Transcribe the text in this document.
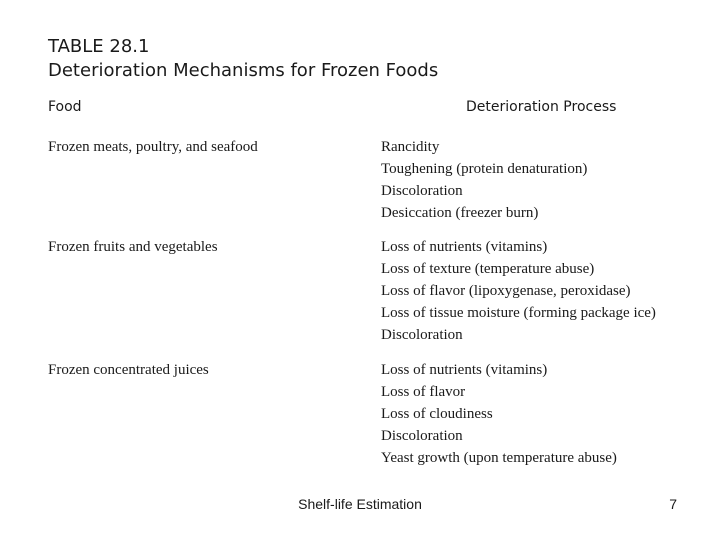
TABLE 28.1
Deterioration Mechanisms for Frozen Foods
Food	Deterioration Process
Frozen meats, poultry, and seafood	Rancidity
Toughening (protein denaturation)
Discoloration
Desiccation (freezer burn)
Frozen fruits and vegetables	Loss of nutrients (vitamins)
Loss of texture (temperature abuse)
Loss of flavor (lipoxygenase, peroxidase)
Loss of tissue moisture (forming package ice)
Discoloration
Frozen concentrated juices	Loss of nutrients (vitamins)
Loss of flavor
Loss of cloudiness
Discoloration
Yeast growth (upon temperature abuse)
Shelf-life Estimation	7
